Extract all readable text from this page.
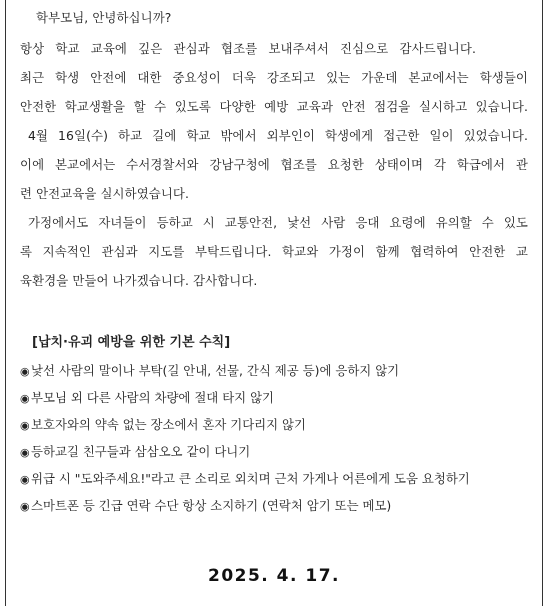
학부모님, 안녕하십니까?
항상 학교 교육에 깊은 관심과 협조를 보내주셔서 진심으로 감사드립니다.
최근 학생 안전에 대한 중요성이 더욱 강조되고 있는 가운데 본교에서는 학생들이
안전한 학교생활을 할 수 있도록 다양한 예방 교육과 안전 점검을 실시하고 있습니다.
4월 16일(수) 하교 길에 학교 밖에서 외부인이 학생에게 접근한 일이 있었습니다.
이에 본교에서는 수서경찰서와 강남구청에 협조를 요청한 상태이며 각 학급에서 관
련 안전교육을 실시하였습니다.
가정에서도 자녀들이 등하교 시 교통안전, 낯선 사람 응대 요령에 유의할 수 있도
록 지속적인 관심과 지도를 부탁드립니다. 학교와 가정이 함께 협력하여 안전한 교
육환경을 만들어 나가겠습니다. 감사합니다.
[납치·유괴 예방을 위한 기본 수칙]
◉낯선 사람의 말이나 부탁(길 안내, 선물, 간식 제공 등)에 응하지 않기
◉부모님 외 다른 사람의 차량에 절대 타지 않기
◉보호자와의 약속 없는 장소에서 혼자 기다리지 않기
◉등하교길 친구들과 삼삼오오 같이 다니기
◉위급 시 "도와주세요!"라고 큰 소리로 외치며 근처 가게나 어른에게 도움 요청하기
◉스마트폰 등 긴급 연락 수단 항상 소지하기 (연락처 암기 또는 메모)
2025. 4. 17.
